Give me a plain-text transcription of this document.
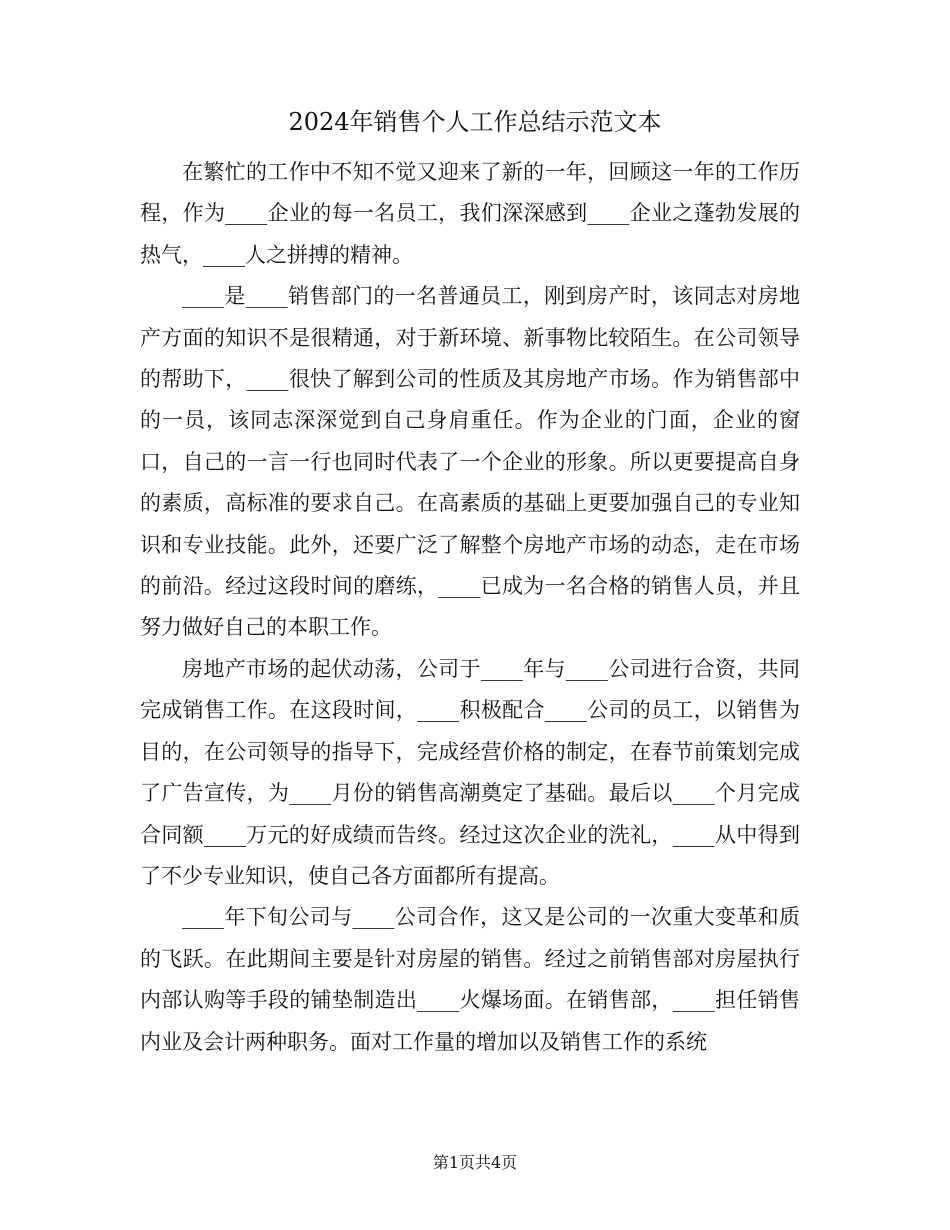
2024年销售个人工作总结示范文本

在繁忙的工作中不知不觉又迎来了新的一年，回顾这一年的工作历程，作为____企业的每一名员工，我们深深感到____企业之蓬勃发展的热气，____人之拼搏的精神。

____是____销售部门的一名普通员工，刚到房产时，该同志对房地产方面的知识不是很精通，对于新环境、新事物比较陌生。在公司领导的帮助下，____很快了解到公司的性质及其房地产市场。作为销售部中的一员，该同志深深觉到自己身肩重任。作为企业的门面，企业的窗口，自己的一言一行也同时代表了一个企业的形象。所以更要提高自身的素质，高标准的要求自己。在高素质的基础上更要加强自己的专业知识和专业技能。此外，还要广泛了解整个房地产市场的动态，走在市场的前沿。经过这段时间的磨练，____已成为一名合格的销售人员，并且努力做好自己的本职工作。

房地产市场的起伏动荡，公司于____年与____公司进行合资，共同完成销售工作。在这段时间，____积极配合____公司的员工，以销售为目的，在公司领导的指导下，完成经营价格的制定，在春节前策划完成了广告宣传，为____月份的销售高潮奠定了基础。最后以____个月完成合同额____万元的好成绩而告终。经过这次企业的洗礼，____从中得到了不少专业知识，使自己各方面都所有提高。

____年下旬公司与____公司合作，这又是公司的一次重大变革和质的飞跃。在此期间主要是针对房屋的销售。经过之前销售部对房屋执行内部认购等手段的铺垫制造出____火爆场面。在销售部，____担任销售内业及会计两种职务。面对工作量的增加以及销售工作的系统

第1页共4页
